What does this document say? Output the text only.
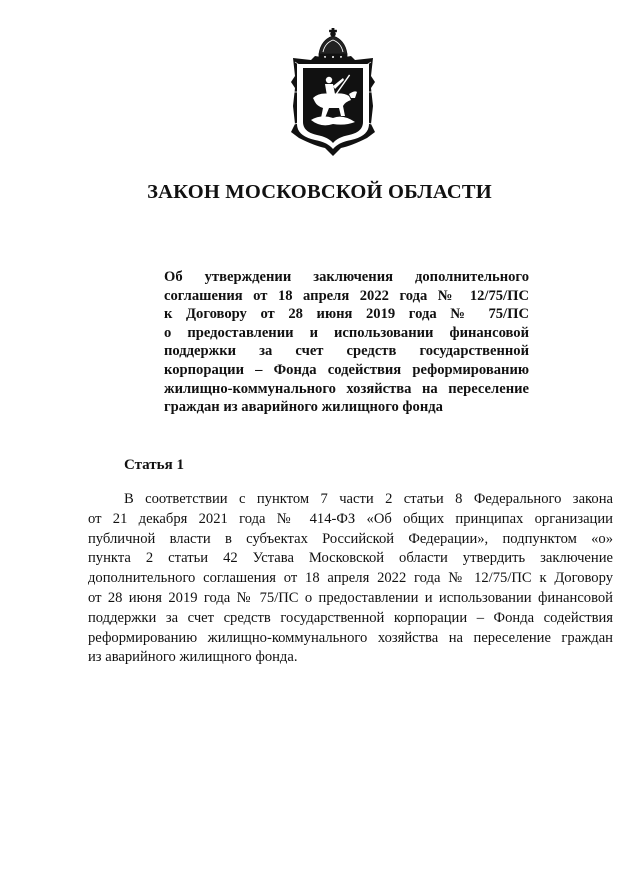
ЗАКОН МОСКОВСКОЙ ОБЛАСТИ
Об утверждении заключения дополнительного
соглашения от 18 апреля 2022 года № 12/75/ПС
к Договору от 28 июня 2019 года № 75/ПС
о предоставлении и использовании финансовой
поддержки за счет средств государственной
корпорации – Фонда содействия реформированию
жилищно-коммунального хозяйства на переселение
граждан из аварийного жилищного фонда
Статья 1
В соответствии с пунктом 7 части 2 статьи 8 Федерального закона
от 21 декабря 2021 года № 414-ФЗ «Об общих принципах организации
публичной власти в субъектах Российской Федерации», подпунктом «о»
пункта 2 статьи 42 Устава Московской области утвердить заключение
дополнительного соглашения от 18 апреля 2022 года № 12/75/ПС к Договору
от 28 июня 2019 года № 75/ПС о предоставлении и использовании финансовой
поддержки за счет средств государственной корпорации – Фонда содействия
реформированию жилищно-коммунального хозяйства на переселение граждан
из аварийного жилищного фонда.
